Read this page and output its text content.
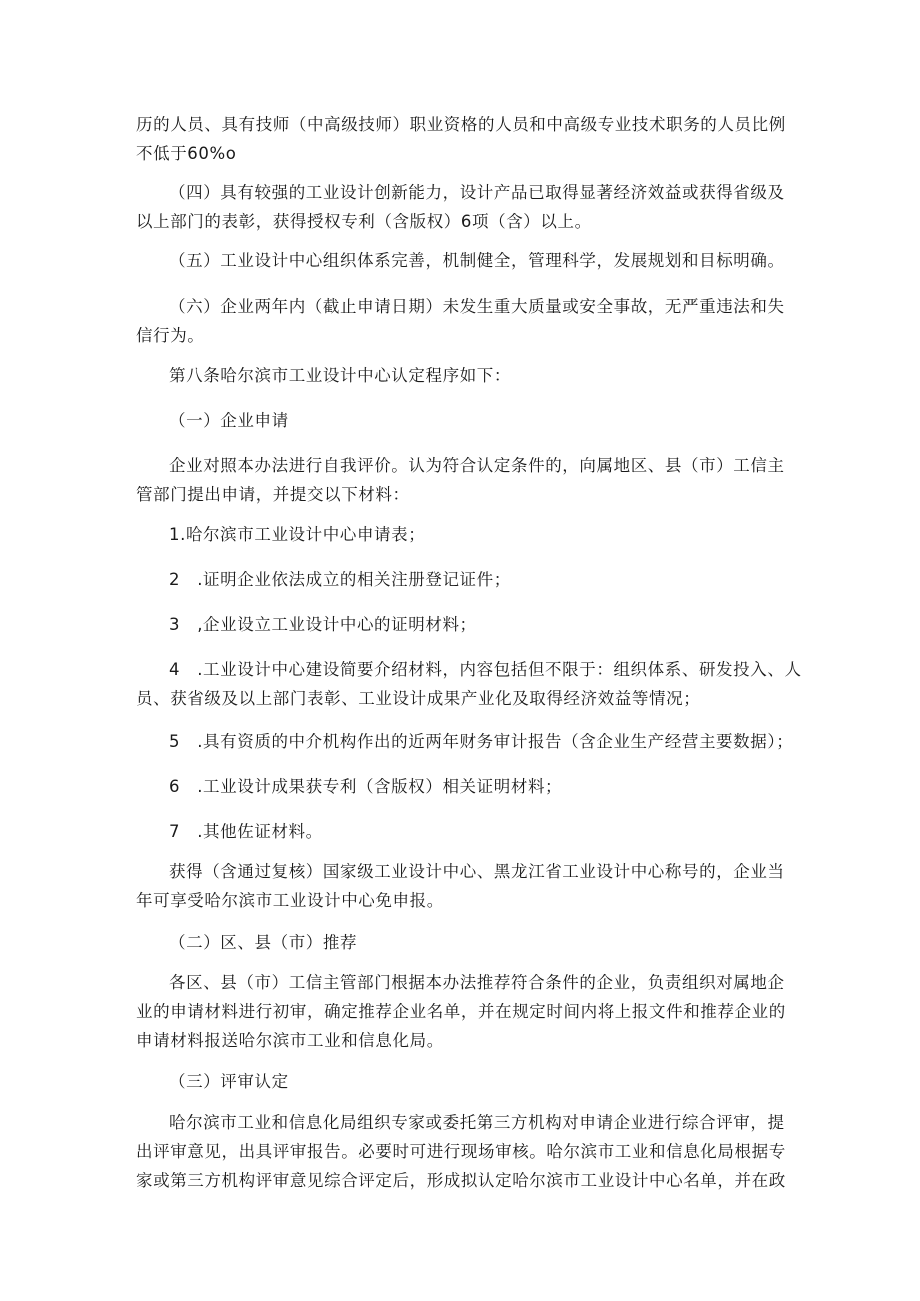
历的人员、具有技师（中高级技师）职业资格的人员和中高级专业技术职务的人员比例
不低于60%o
（四）具有较强的工业设计创新能力，设计产品已取得显著经济效益或获得省级及
以上部门的表彰，获得授权专利（含版权）6项（含）以上。
（五）工业设计中心组织体系完善，机制健全，管理科学，发展规划和目标明确。
（六）企业两年内（截止申请日期）未发生重大质量或安全事故，无严重违法和失
信行为。
第八条哈尔滨市工业设计中心认定程序如下：
（一）企业申请
企业对照本办法进行自我评价。认为符合认定条件的，向属地区、县（市）工信主
管部门提出申请，并提交以下材料：
1.哈尔滨市工业设计中心申请表；
2　.证明企业依法成立的相关注册登记证件；
3　,企业设立工业设计中心的证明材料；
4　.工业设计中心建设简要介绍材料，内容包括但不限于：组织体系、研发投入、人
员、获省级及以上部门表彰、工业设计成果产业化及取得经济效益等情况；
5　.具有资质的中介机构作出的近两年财务审计报告（含企业生产经营主要数据）；
6　.工业设计成果获专利（含版权）相关证明材料；
7　.其他佐证材料。
获得（含通过复核）国家级工业设计中心、黑龙江省工业设计中心称号的，企业当
年可享受哈尔滨市工业设计中心免申报。
（二）区、县（市）推荐
各区、县（市）工信主管部门根据本办法推荐符合条件的企业，负责组织对属地企
业的申请材料进行初审，确定推荐企业名单，并在规定时间内将上报文件和推荐企业的
申请材料报送哈尔滨市工业和信息化局。
（三）评审认定
哈尔滨市工业和信息化局组织专家或委托第三方机构对申请企业进行综合评审，提
出评审意见，出具评审报告。必要时可进行现场审核。哈尔滨市工业和信息化局根据专
家或第三方机构评审意见综合评定后，形成拟认定哈尔滨市工业设计中心名单，并在政
